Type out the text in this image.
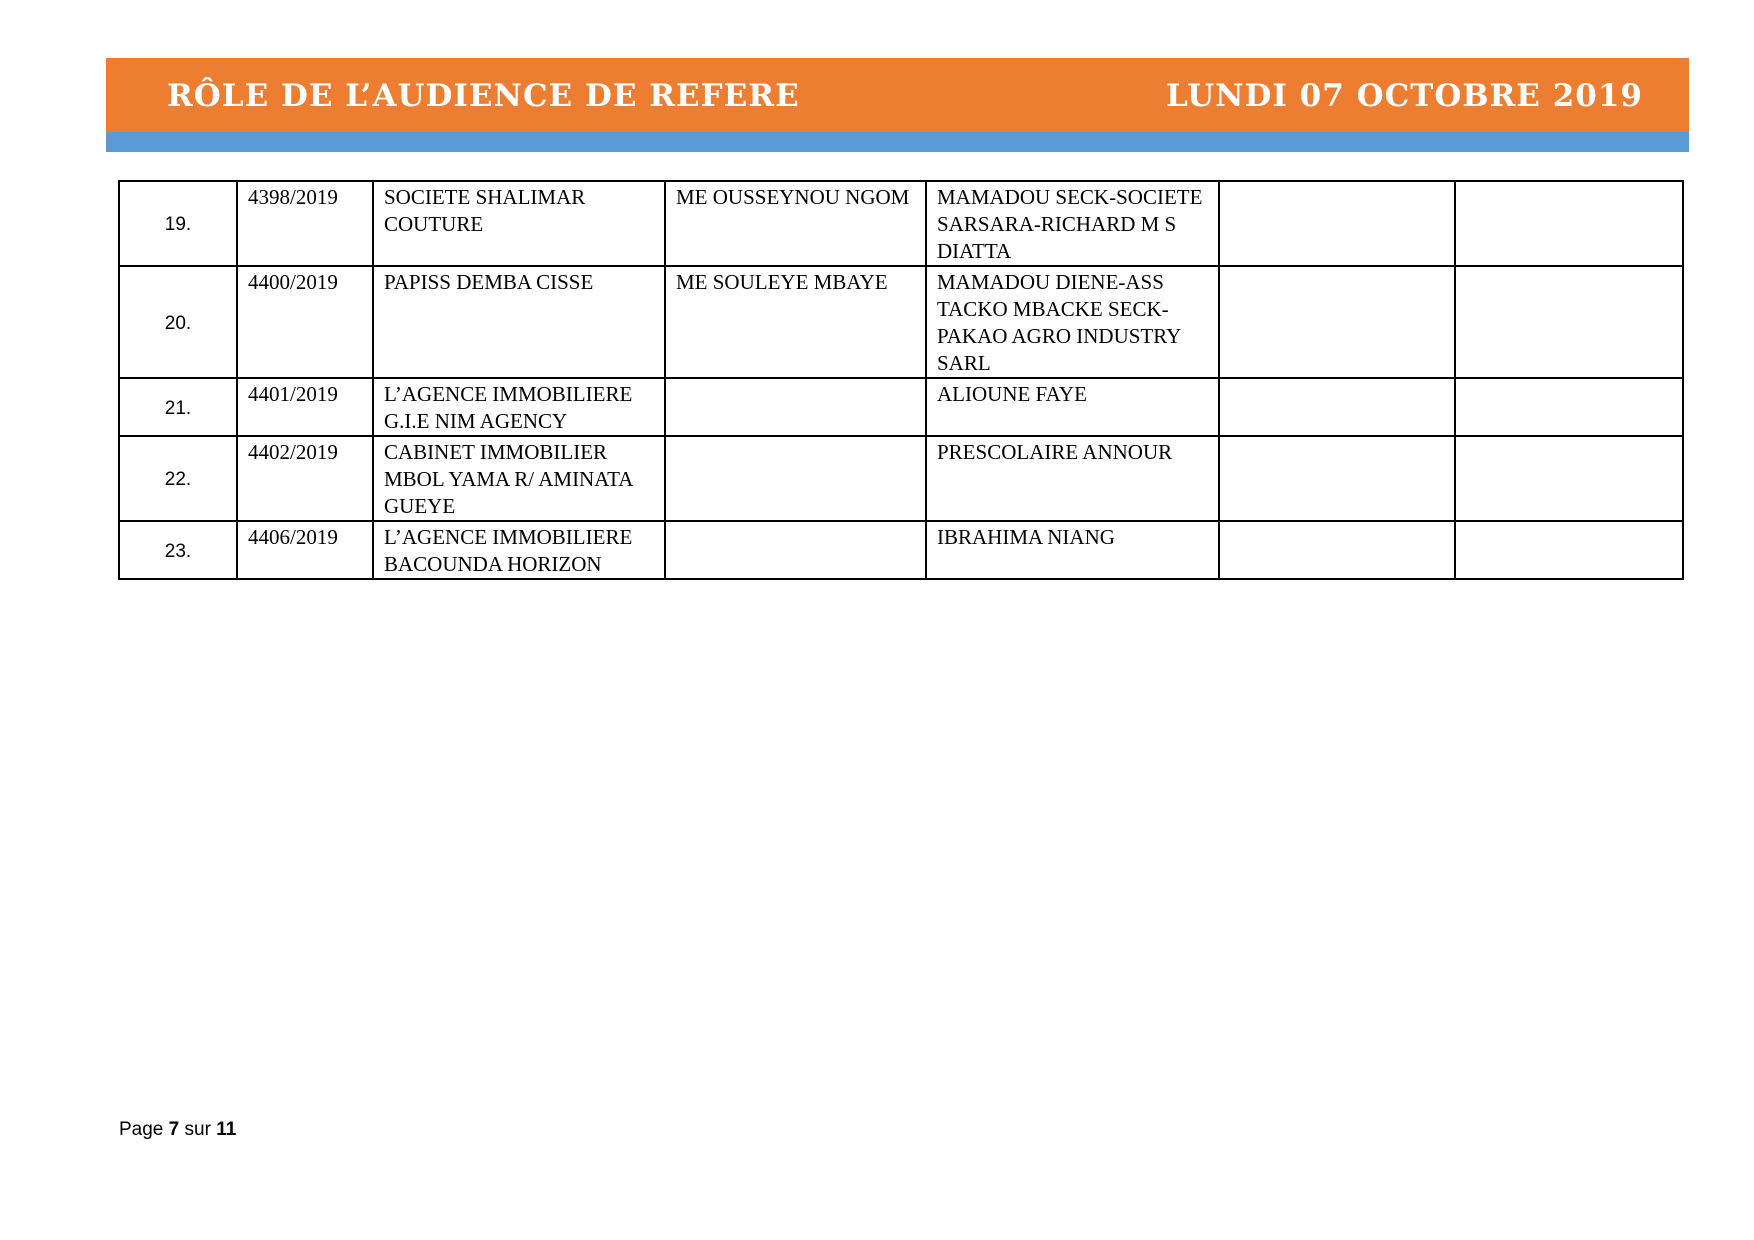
RÔLE DE L’AUDIENCE DE REFERE	LUNDI 07 OCTOBRE 2019
19.	4398/2019	SOCIETE SHALIMAR COUTURE	ME OUSSEYNOU NGOM	MAMADOU SECK-SOCIETE SARSARA-RICHARD M S DIATTA		
20.	4400/2019	PAPISS DEMBA CISSE	ME SOULEYE MBAYE	MAMADOU DIENE-ASS TACKO MBACKE SECK-PAKAO AGRO INDUSTRY SARL		
21.	4401/2019	L’AGENCE IMMOBILIERE G.I.E NIM AGENCY		ALIOUNE FAYE		
22.	4402/2019	CABINET IMMOBILIER MBOL YAMA R/ AMINATA GUEYE		PRESCOLAIRE ANNOUR		
23.	4406/2019	L’AGENCE IMMOBILIERE BACOUNDA HORIZON		IBRAHIMA NIANG		
Page 7 sur 11
